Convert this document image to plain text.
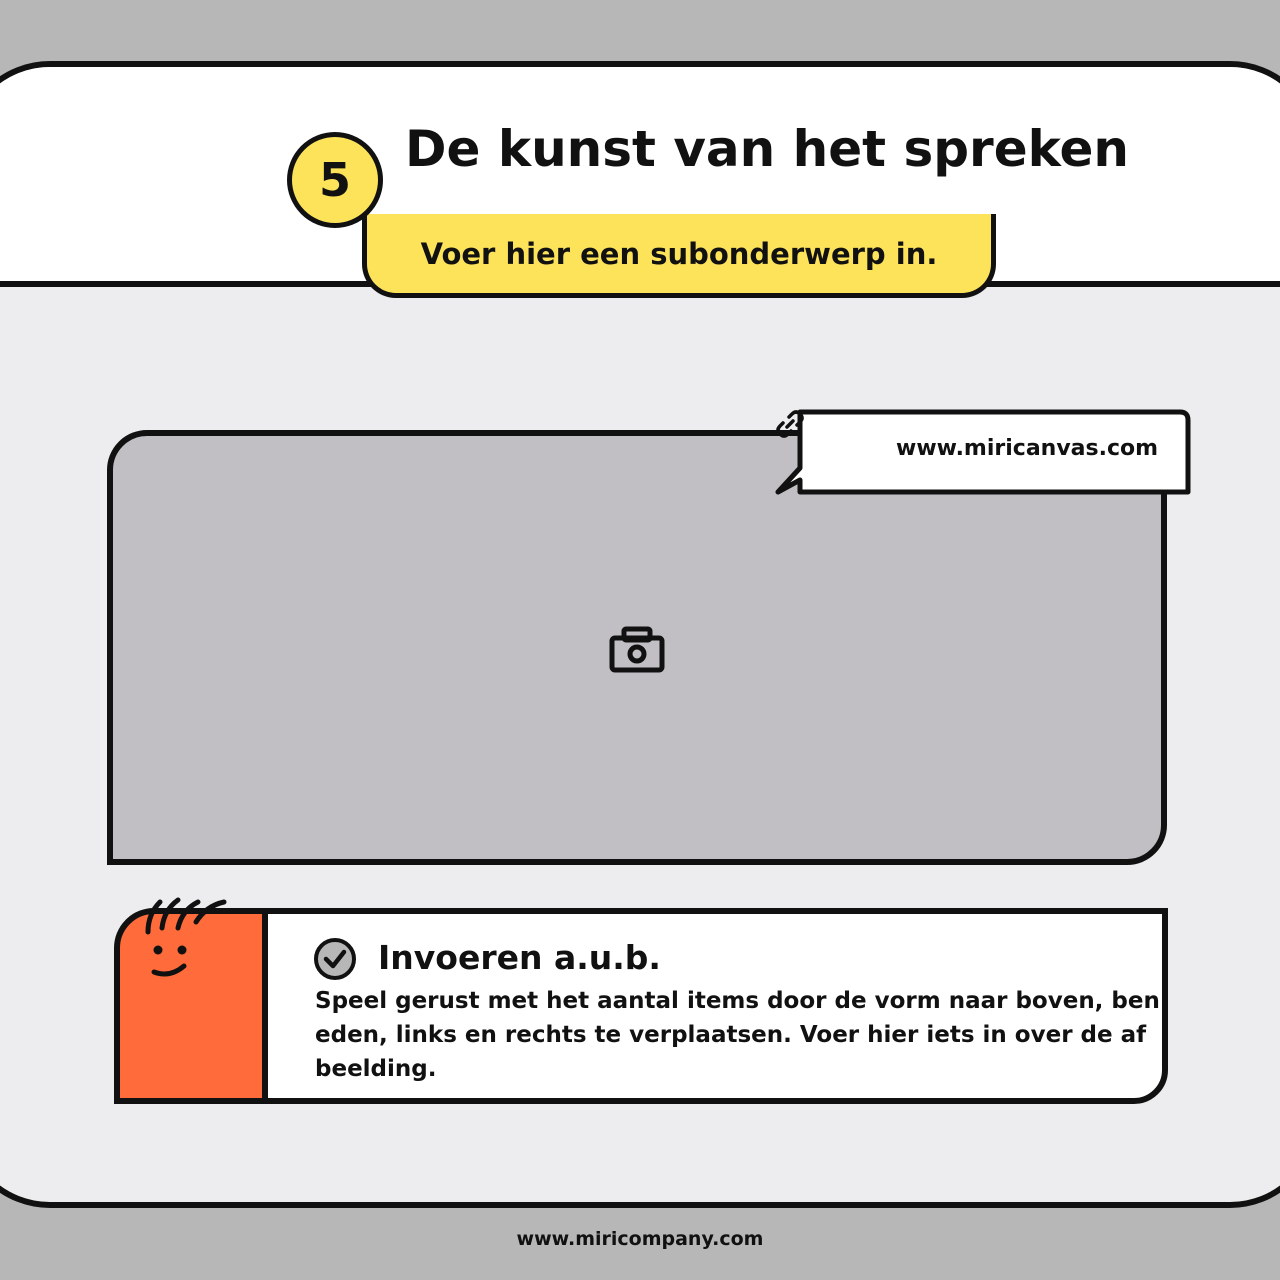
De kunst van het spreken
5
Voer hier een subonderwerp in.
www.miricanvas.com
Invoeren a.u.b.
Speel gerust met het aantal items door de vorm naar boven, beneden, links en rechts te verplaatsen. Voer hier iets in over de afbeelding.
www.miricompany.com
